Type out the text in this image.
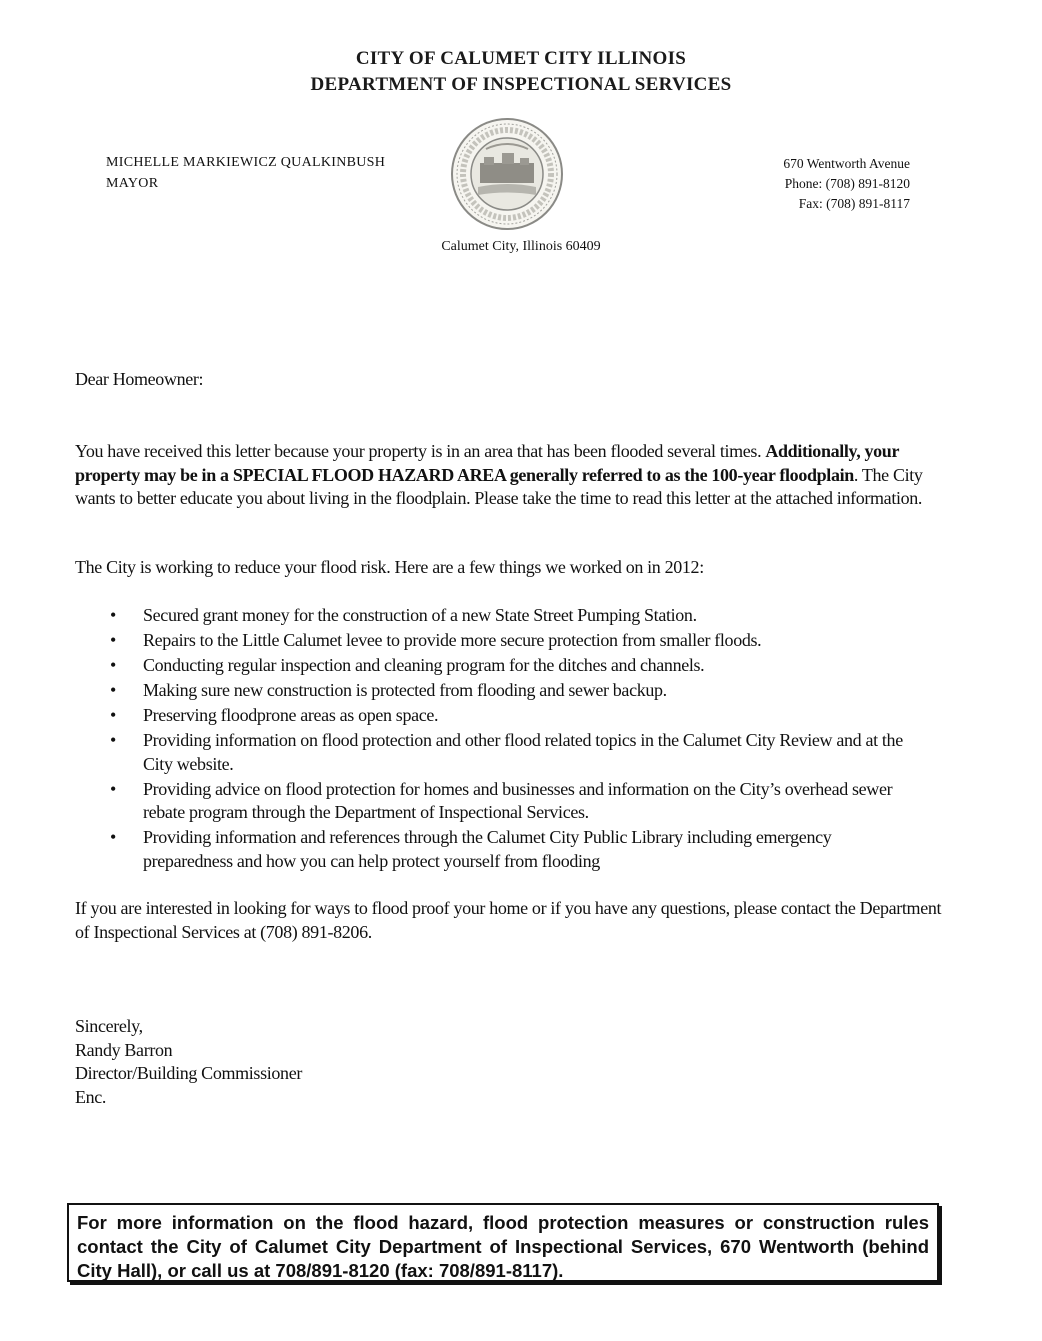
CITY OF CALUMET CITY ILLINOIS
DEPARTMENT OF INSPECTIONAL SERVICES
MICHELLE MARKIEWICZ QUALKINBUSH
MAYOR
670 Wentworth Avenue
Phone: (708) 891-8120
Fax: (708) 891-8117
Calumet City, Illinois 60409
Dear Homeowner:
You have received this letter because your property is in an area that has been flooded several times. Additionally, your property may be in a SPECIAL FLOOD HAZARD AREA generally referred to as the 100-year floodplain. The City wants to better educate you about living in the floodplain. Please take the time to read this letter at the attached information.
The City is working to reduce your flood risk. Here are a few things we worked on in 2012:
• Secured grant money for the construction of a new State Street Pumping Station.
• Repairs to the Little Calumet levee to provide more secure protection from smaller floods.
• Conducting regular inspection and cleaning program for the ditches and channels.
• Making sure new construction is protected from flooding and sewer backup.
• Preserving floodprone areas as open space.
• Providing information on flood protection and other flood related topics in the Calumet City Review and at the City website.
• Providing advice on flood protection for homes and businesses and information on the City’s overhead sewer rebate program through the Department of Inspectional Services.
• Providing information and references through the Calumet City Public Library including emergency preparedness and how you can help protect yourself from flooding
If you are interested in looking for ways to flood proof your home or if you have any questions, please contact the Department of Inspectional Services at (708) 891-8206.
Sincerely,
Randy Barron
Director/Building Commissioner
Enc.
For more information on the flood hazard, flood protection measures or construction rules contact the City of Calumet City Department of Inspectional Services, 670 Wentworth (behind City Hall), or call us at 708/891-8120 (fax: 708/891-8117).
